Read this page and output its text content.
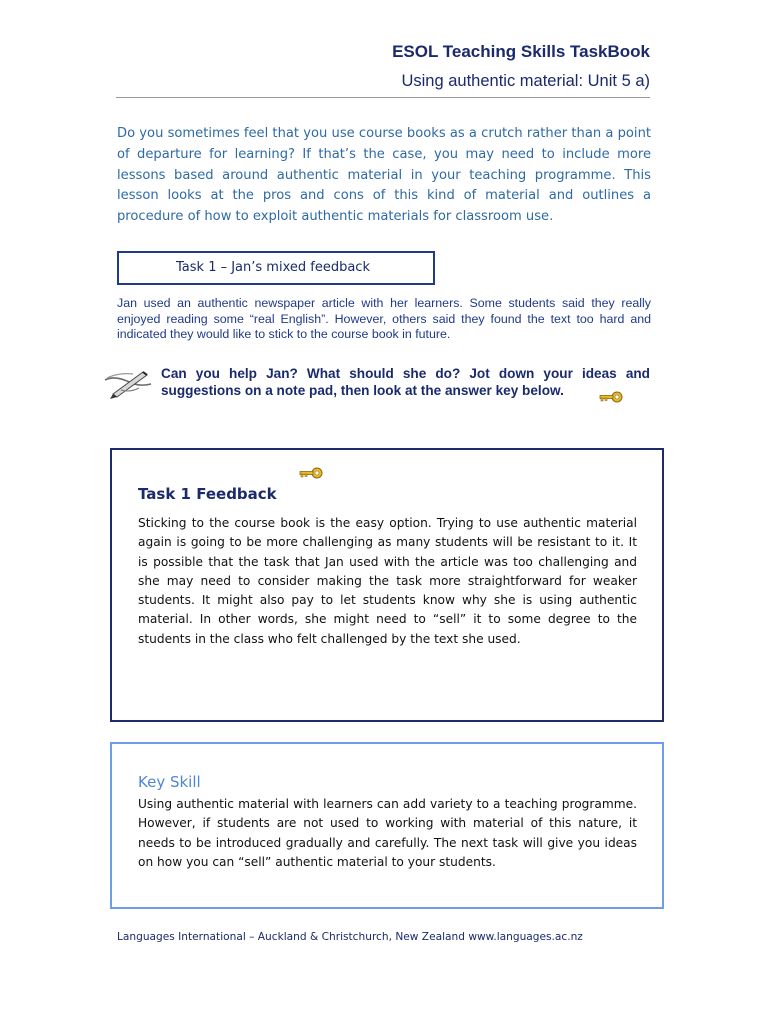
ESOL Teaching Skills TaskBook
Using authentic material: Unit 5 a)
Do you sometimes feel that you use course books as a crutch rather than a point of departure for learning? If that’s the case, you may need to include more lessons based around authentic material in your teaching programme. This lesson looks at the pros and cons of this kind of material and outlines a procedure of how to exploit authentic materials for classroom use.
Task 1 – Jan’s mixed feedback
Jan used an authentic newspaper article with her learners. Some students said they really enjoyed reading some “real English”. However, others said they found the text too hard and indicated they would like to stick to the course book in future.
Can you help Jan? What should she do? Jot down your ideas and suggestions on a note pad, then look at the answer key below.
Task 1 Feedback
Sticking to the course book is the easy option. Trying to use authentic material again is going to be more challenging as many students will be resistant to it. It is possible that the task that Jan used with the article was too challenging and she may need to consider making the task more straightforward for weaker students. It might also pay to let students know why she is using authentic material. In other words, she might need to “sell” it to some degree to the students in the class who felt challenged by the text she used.
Key Skill
Using authentic material with learners can add variety to a teaching programme. However, if students are not used to working with material of this nature, it needs to be introduced gradually and carefully. The next task will give you ideas on how you can “sell” authentic material to your students.
Languages International – Auckland & Christchurch, New Zealand www.languages.ac.nz
